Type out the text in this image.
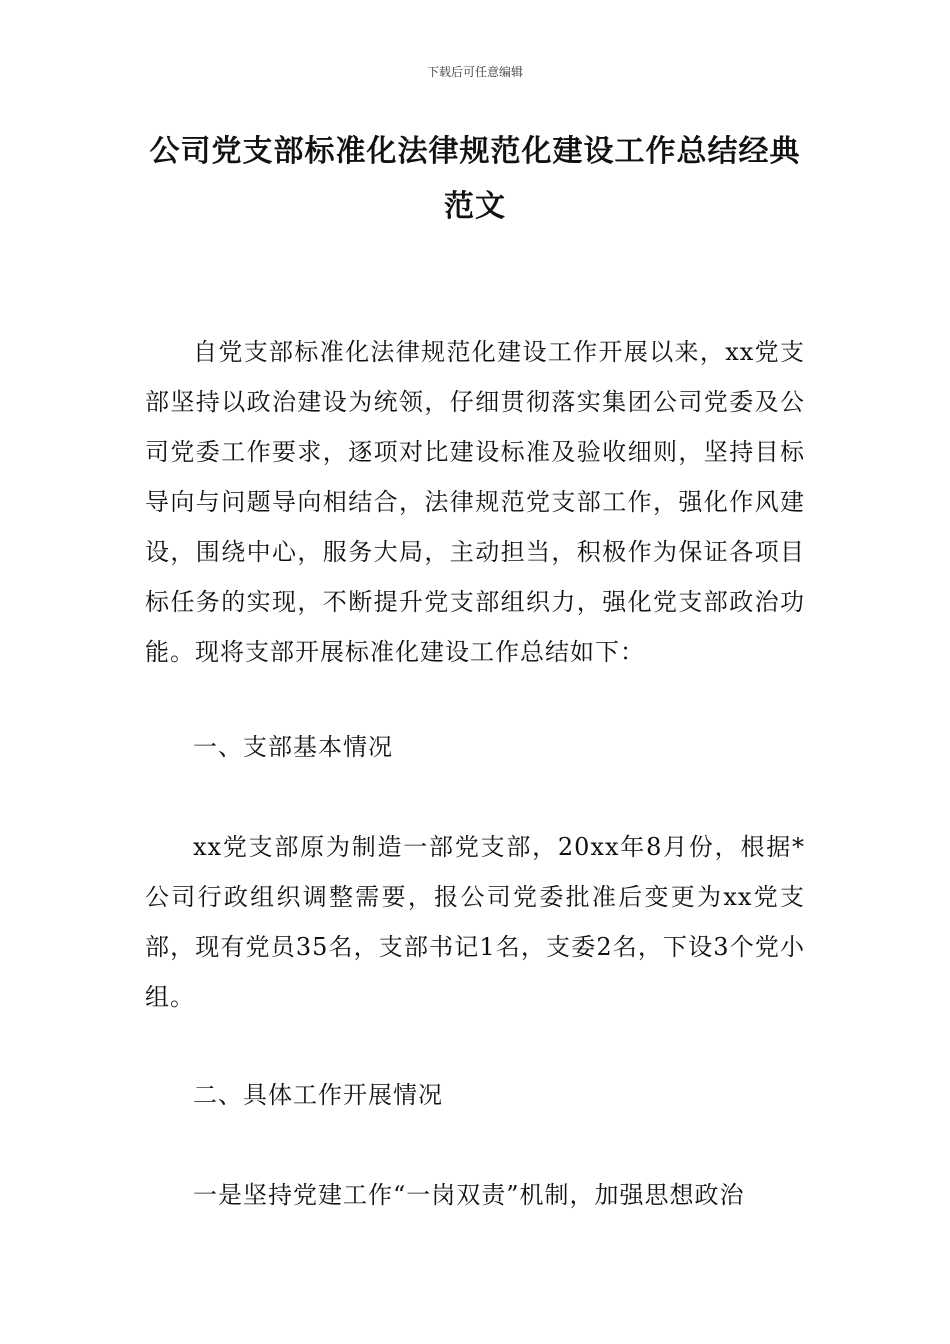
下载后可任意编辑
公司党支部标准化法律规范化建设工作总结经典范文
自党支部标准化法律规范化建设工作开展以来，xx党支部坚持以政治建设为统领，仔细贯彻落实集团公司党委及公司党委工作要求，逐项对比建设标准及验收细则，坚持目标导向与问题导向相结合，法律规范党支部工作，强化作风建设，围绕中心，服务大局，主动担当，积极作为保证各项目标任务的实现，不断提升党支部组织力，强化党支部政治功能。现将支部开展标准化建设工作总结如下：
一、支部基本情况
xx党支部原为制造一部党支部，20xx年8月份，根据*公司行政组织调整需要，报公司党委批准后变更为xx党支部，现有党员35名，支部书记1名，支委2名，下设3个党小组。
二、具体工作开展情况
一是坚持党建工作“一岗双责”机制，加强思想政治
